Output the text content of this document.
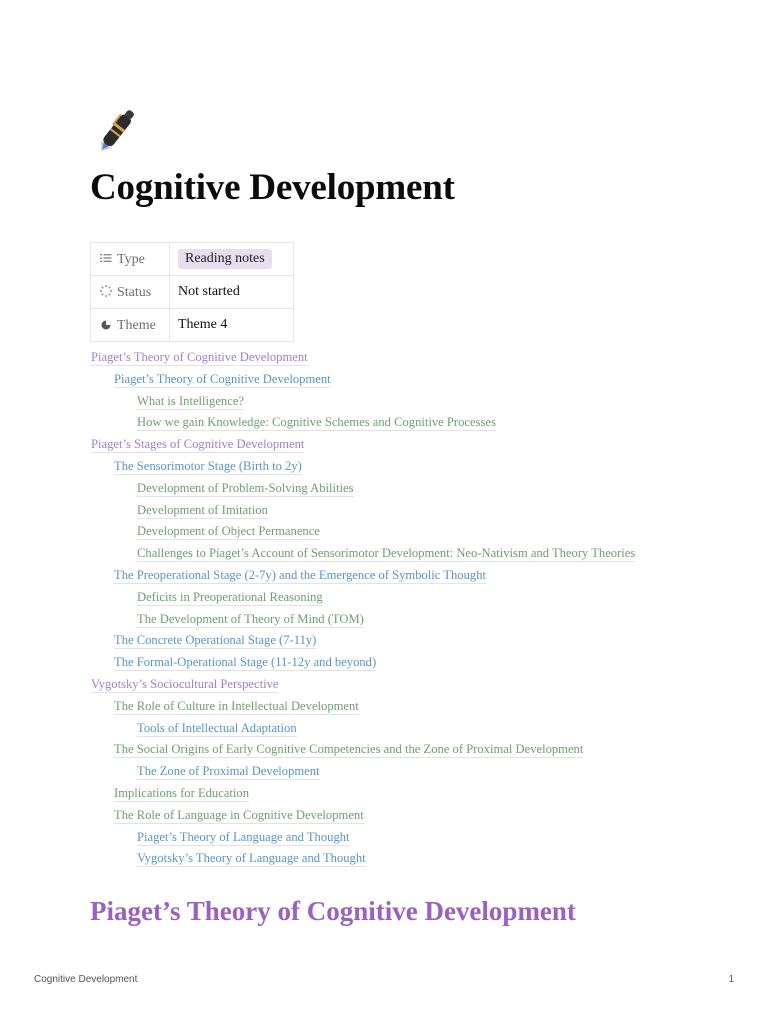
Cognitive Development
Type	Reading notes
Status	Not started
Theme	Theme 4
Piaget’s Theory of Cognitive Development
Piaget’s Theory of Cognitive Development
What is Intelligence?
How we gain Knowledge: Cognitive Schemes and Cognitive Processes
Piaget’s Stages of Cognitive Development
The Sensorimotor Stage (Birth to 2y)
Development of Problem-Solving Abilities
Development of Imitation
Development of Object Permanence
Challenges to Piaget’s Account of Sensorimotor Development: Neo-Nativism and Theory Theories
The Preoperational Stage (2-7y) and the Emergence of Symbolic Thought
Deficits in Preoperational Reasoning
The Development of Theory of Mind (TOM)
The Concrete Operational Stage (7-11y)
The Formal-Operational Stage (11-12y and beyond)
Vygotsky’s Sociocultural Perspective
The Role of Culture in Intellectual Development
Tools of Intellectual Adaptation
The Social Origins of Early Cognitive Competencies and the Zone of Proximal Development
The Zone of Proximal Development
Implications for Education
The Role of Language in Cognitive Development
Piaget’s Theory of Language and Thought
Vygotsky’s Theory of Language and Thought
Piaget’s Theory of Cognitive Development
Cognitive Development	1
